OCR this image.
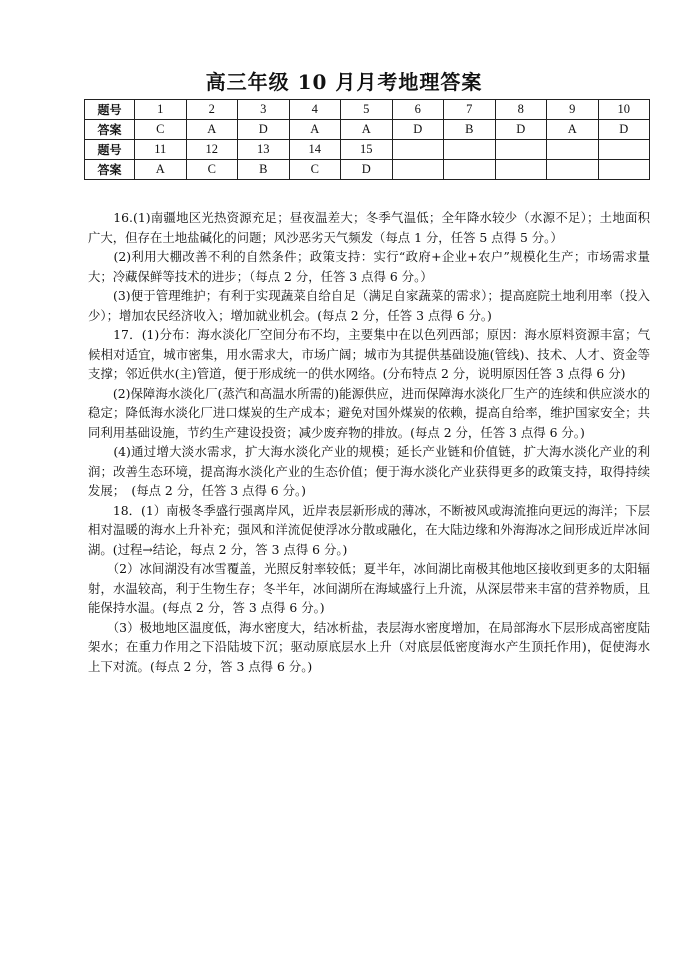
高三年级 10 月月考地理答案
题号	1	2	3	4	5	6	7	8	9	10
答案	C	A	D	A	A	D	B	D	A	D
题号	11	12	13	14	15					
答案	A	C	B	C	D					

　　16.(1)南疆地区光热资源充足；昼夜温差大；冬季气温低；全年降水较少（水源不足）；土地面积广大，但存在土地盐碱化的问题；风沙恶劣天气频发（每点 1 分，任答 5 点得 5 分。）

　　(2)利用大棚改善不利的自然条件；政策支持：实行“政府+企业+农户”规模化生产；市场需求量大；冷藏保鲜等技术的进步；（每点 2 分，任答 3 点得 6 分。）

　　(3)便于管理维护；有利于实现蔬菜自给自足（满足自家蔬菜的需求）；提高庭院土地利用率（投入少）；增加农民经济收入；增加就业机会。(每点 2 分，任答 3 点得 6 分。)

　　17．(1)分布：海水淡化厂空间分布不均，主要集中在以色列西部；原因：海水原料资源丰富；气候相对适宜，城市密集，用水需求大，市场广阔；城市为其提供基础设施(管线)、技术、人才、资金等支撑；邻近供水(主)管道，便于形成统一的供水网络。(分布特点 2 分，说明原因任答 3 点得 6 分)

　　(2)保障海水淡化厂(蒸汽和高温水所需的)能源供应，进而保障海水淡化厂生产的连续和供应淡水的稳定；降低海水淡化厂进口煤炭的生产成本；避免对国外煤炭的依赖，提高自给率，维护国家安全；共同利用基础设施，节约生产建设投资；减少废弃物的排放。(每点 2 分，任答 3 点得 6 分。)

　　(4)通过增大淡水需求，扩大海水淡化产业的规模；延长产业链和价值链，扩大海水淡化产业的利润；改善生态环境，提高海水淡化产业的生态价值；便于海水淡化产业获得更多的政策支持，取得持续发展；　(每点 2 分，任答 3 点得 6 分。)

　　18．(1）南极冬季盛行强离岸风，近岸表层新形成的薄冰，不断被风或海流推向更远的海洋；下层相对温暖的海水上升补充；强风和洋流促使浮冰分散或融化，在大陆边缘和外海海冰之间形成近岸冰间湖。(过程→结论，每点 2 分，答 3 点得 6 分。)

　　（2）冰间湖没有冰雪覆盖，光照反射率较低；夏半年，冰间湖比南极其他地区接收到更多的太阳辐射，水温较高，利于生物生存；冬半年，冰间湖所在海域盛行上升流，从深层带来丰富的营养物质，且能保持水温。(每点 2 分，答 3 点得 6 分。)

　　（3）极地地区温度低，海水密度大，结冰析盐，表层海水密度增加，在局部海水下层形成高密度陆架水；在重力作用之下沿陆坡下沉；驱动原底层水上升（对底层低密度海水产生顶托作用)，促使海水上下对流。(每点 2 分，答 3 点得 6 分。)
